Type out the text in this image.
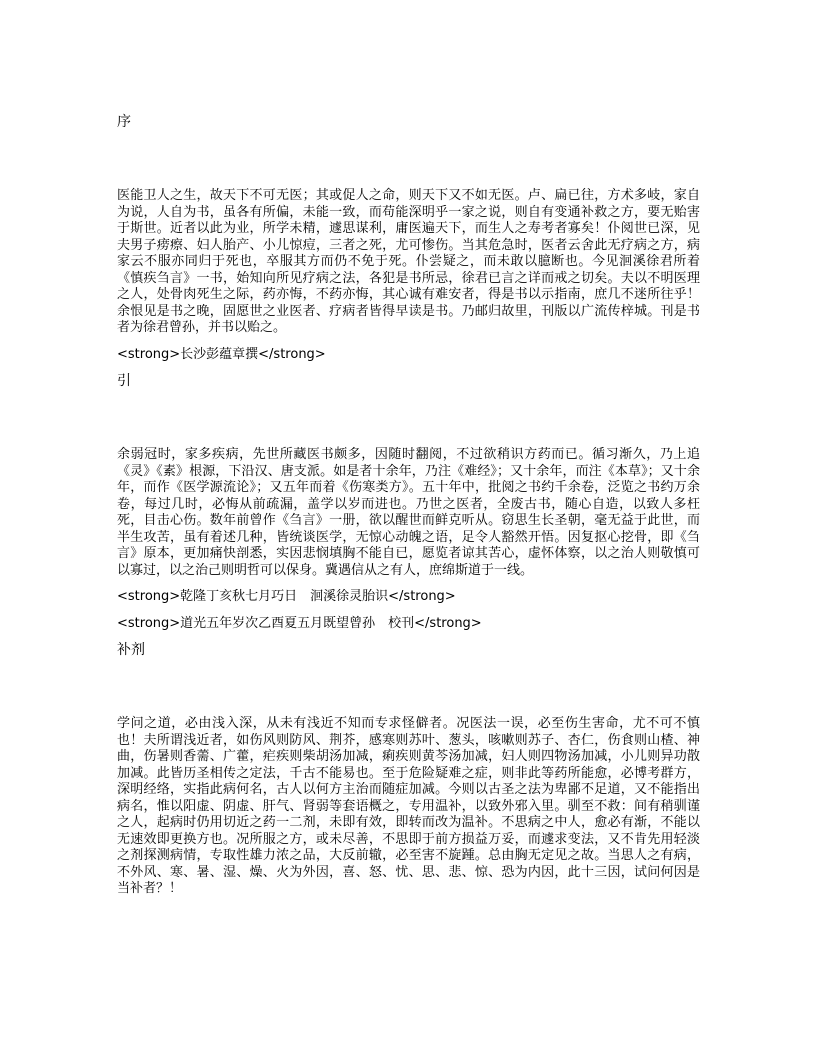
序

医能卫人之生，故天下不可无医；其或促人之命，则天下又不如无医。卢、扁已往，方术多岐，家自为说，人自为书，虽各有所偏，未能一致，而苟能深明乎一家之说，则自有变通补救之方，要无贻害于斯世。近者以此为业，所学未精，遽思谋利，庸医遍天下，而生人之寿考者寡矣！仆阅世已深，见夫男子痨瘵、妇人胎产、小儿惊痘，三者之死，尤可惨伤。当其危急时，医者云舍此无疗病之方，病家云不服亦同归于死也，卒服其方而仍不免于死。仆尝疑之，而未敢以臆断也。今见洄溪徐君所着《慎疾刍言》一书，始知向所见疗病之法，各犯是书所忌，徐君已言之详而戒之切矣。夫以不明医理之人，处骨肉死生之际，药亦悔，不药亦悔，其心诚有难安者，得是书以示指南，庶几不迷所往乎！余恨见是书之晚，固愿世之业医者、疗病者皆得早读是书。乃邮归故里，刊版以广流传梓城。刊是书者为徐君曾孙，并书以贻之。

<strong>长沙彭蕴章撰</strong>

引

余弱冠时，家多疾病，先世所藏医书颇多，因随时翻阅，不过欲稍识方药而已。循习渐久，乃上追《灵》《素》根源，下沿汉、唐支派。如是者十余年，乃注《难经》；又十余年，而注《本草》；又十余年，而作《医学源流论》；又五年而着《伤寒类方》。五十年中，批阅之书约千余卷，泛览之书约万余卷，每过几时，必悔从前疏漏，盖学以岁而进也。乃世之医者，全废古书，随心自造，以致人多枉死，目击心伤。数年前曾作《刍言》一册，欲以醒世而鲜克听从。窃思生长圣朝，毫无益于此世，而半生攻苦，虽有着述几种，皆统谈医学，无惊心动魄之语，足令人豁然开悟。因复抠心挖骨，即《刍言》原本，更加痛快剖悉，实因悲悯填胸不能自已，愿览者谅其苦心，虚怀体察，以之治人则敬慎可以寡过，以之治己则明哲可以保身。冀遇信从之有人，庶绵斯道于一线。

<strong>乾隆丁亥秋七月巧日　洄溪徐灵胎识</strong>

<strong>道光五年岁次乙酉夏五月既望曾孙　校刊</strong>

补剂

学问之道，必由浅入深，从未有浅近不知而专求怪僻者。况医法一误，必至伤生害命，尤不可不慎也！夫所谓浅近者，如伤风则防风、荆芥，感寒则苏叶、葱头，咳嗽则苏子、杏仁，伤食则山楂、神曲，伤暑则香薷、广藿，疟疾则柴胡汤加减，痢疾则黄芩汤加减，妇人则四物汤加减，小儿则异功散加减。此皆历圣相传之定法，千古不能易也。至于危险疑难之症，则非此等药所能愈，必博考群方，深明经络，实指此病何名，古人以何方主治而随症加减。今则以古圣之法为卑鄙不足道，又不能指出病名，惟以阳虚、阴虚、肝气、肾弱等套语概之，专用温补，以致外邪入里。驯至不救：间有稍驯谨之人，起病时仍用切近之药一二剂，未即有效，即转而改为温补。不思病之中人，愈必有渐，不能以无速效即更换方也。况所服之方，或未尽善，不思即于前方损益万妥，而遽求变法，又不肯先用轻淡之剂探测病情，专取性雄力浓之品，大反前辙，必至害不旋踵。总由胸无定见之故。当思人之有病，不外风、寒、暑、湿、燥、火为外因，喜、怒、忧、思、悲、惊、恐为内因，此十三因，试问何因是当补者？！
